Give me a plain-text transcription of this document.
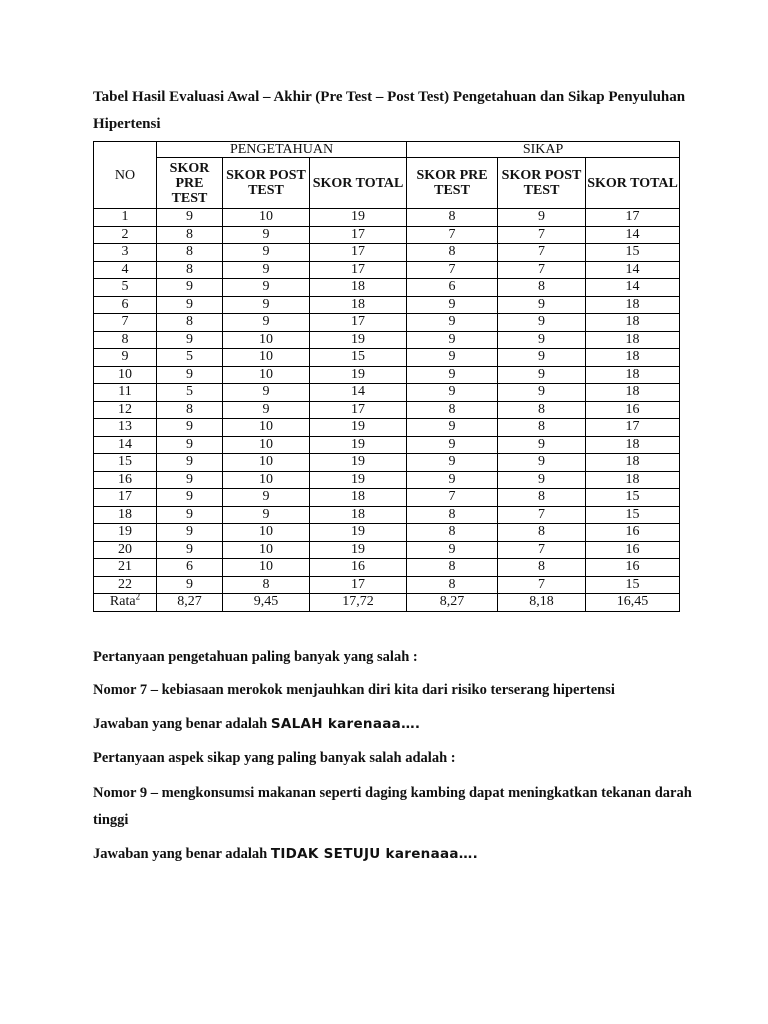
Tabel Hasil Evaluasi Awal – Akhir (Pre Test – Post Test) Pengetahuan dan Sikap Penyuluhan Hipertensi
NO	PENGETAHUAN			SIKAP		
	SKOR PRE TEST	SKOR POST TEST	SKOR TOTAL	SKOR PRE TEST	SKOR POST TEST	SKOR TOTAL
1	9	10	19	8	9	17
2	8	9	17	7	7	14
3	8	9	17	8	7	15
4	8	9	17	7	7	14
5	9	9	18	6	8	14
6	9	9	18	9	9	18
7	8	9	17	9	9	18
8	9	10	19	9	9	18
9	5	10	15	9	9	18
10	9	10	19	9	9	18
11	5	9	14	9	9	18
12	8	9	17	8	8	16
13	9	10	19	9	8	17
14	9	10	19	9	9	18
15	9	10	19	9	9	18
16	9	10	19	9	9	18
17	9	9	18	7	8	15
18	9	9	18	8	7	15
19	9	10	19	8	8	16
20	9	10	19	9	7	16
21	6	10	16	8	8	16
22	9	8	17	8	7	15
Rata$^2$	8,27	9,45	17,72	8,27	8,18	16,45
Pertanyaan pengetahuan paling banyak yang salah :
Nomor 7 – kebiasaan merokok menjauhkan diri kita dari risiko terserang hipertensi
Jawaban yang benar adalah SALAH karenaaa….
Pertanyaan aspek sikap yang paling banyak salah adalah :
Nomor 9 – mengkonsumsi makanan seperti daging kambing dapat meningkatkan tekanan darah tinggi
Jawaban yang benar adalah TIDAK SETUJU karenaaa….
